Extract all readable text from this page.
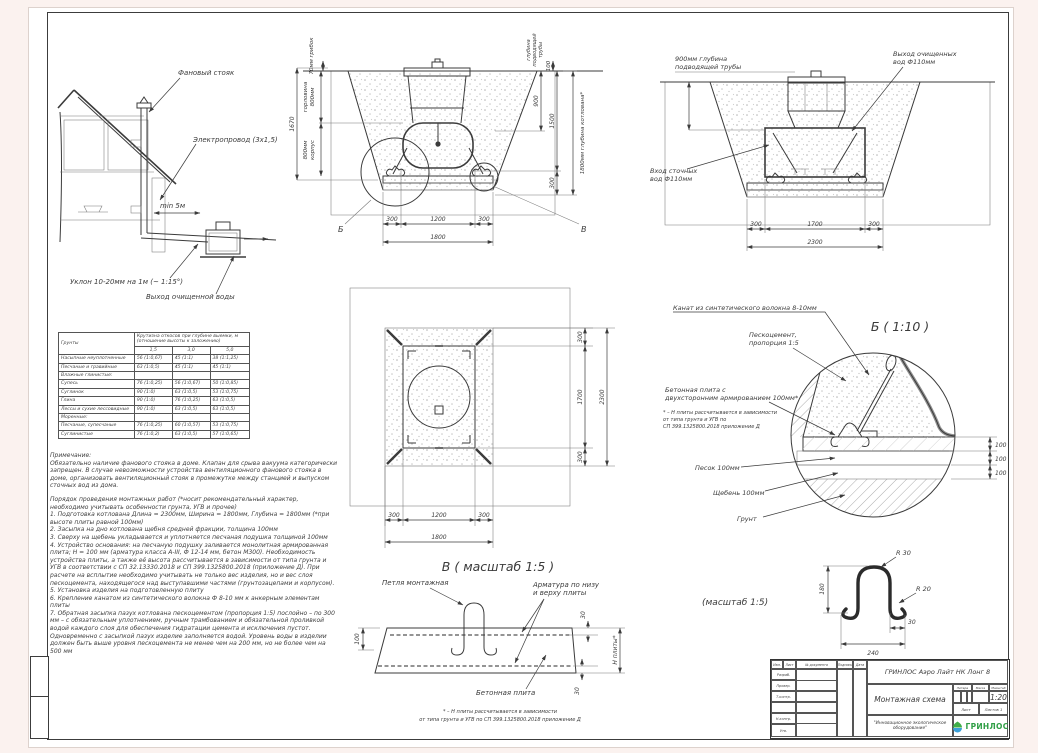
min 5м
Фановый стояк
Электропровод (3х1,5)
Уклон 10-20мм на 1м (~ 1:15°)
Выход очищенной воды
Б	В
70мм грибок
1670
горловина 800мм
800мм корпус
глубина подводящей трубы
100
900
1500
300
1800мм глубина котлована*
300	1200	300
1800
900мм глубина
подводящей трубы
Выход очищенных
вод Ф110мм
Вход сточных
вод Ф110мм
300	1700	300
2300
300
1700
300
2300
300	1200	300
1800
Грунты	Крутизна откосов при глубине выемки, м (отношение высоты к заложению)		
	1,5	3,0	5,0
Насыпные неуплотненные	56 (1:0,67)	45 (1:1)	38 (1:1,25)
Песчаные и гравийные	63 (1:0,5)	45 (1:1)	45 (1:1)
Влажные глинистые:			
Супесь	76 (1:0,25)	56 (1:0,67)	50 (1:0,85)
Суглинок	90 (1:0)	63 (1:0,5)	53 (1:0,75)
Глина	90 (1:0)	76 (1:0,25)	63 (1:0,5)
Лессы и сухие лессовидные	90 (1:0)	63 (1:0,5)	63 (1:0,5)
Моренные:			
Песчаные, супесчаные	76 (1:0,25)	60 (1:0,57)	53 (1:0,75)
Суглинистые	76 (1:0,2)	63 (1:0,5)	57 (1:0,65)
Примечание:
Обязательно наличие фанового стояка в доме. Клапан для срыва вакуума категорически запрещен. В случае невозможности устройства вентиляционного фанового стояка в доме, организовать вентиляционный стояк в промежутке между станцией и выпуском сточных вод из дома.
Порядок проведения монтажных работ (*носит рекомендательный характер, необходимо учитывать особенности грунта, УГВ и прочее)
1. Подготовка котлована Длина = 2300мм, Ширина = 1800мм, Глубина = 1800мм (*при высоте плиты равной 100мм)
2. Засыпка на дно котлована щебня средней фракции, толщина 100мм
3. Сверху на щебень укладывается и уплотняется песчаная подушка толщиной 100мм
4. Устройство основания: на песчаную подушку заливается монолитная армированная плита; Н = 100 мм (арматура класса А-III, Ф 12-14 мм, бетон М300). Необходимость устройства плиты, а также её высота рассчитывается в зависимости от типа грунта и УГВ в соответствии с СП 32.13330.2018 и СП 399.1325800.2018 (приложение Д). При расчете на всплытие необходимо учитывать не только вес изделия, но и вес слоя пескоцемента, находящегося над выступавшими частями (грунтозацепами и корпусом).
5. Установка изделия на подготовленную плиту
6. Крепление канатом из синтетического волокна Ф 8-10 мм к анкерным элементам плиты
7. Обратная засыпка пазух котлована пескоцементом (пропорция 1:5) послойно – по 300 мм – с обязательным уплотнением, ручным трамбованием и обязательной проливкой водой каждого слоя для обеспечения гидратации цемента и исключения пустот. Одновременно с засыпкой пазух изделие заполняется водой. Уровень воды в изделии должен быть выше уровня пескоцемента не менее чем на 200 мм, но не более чем на 500 мм
Б ( 1:10 )
100
100
100
Канат из синтетического волокна 8-10мм
Пескоцемент,
пропорция 1:5
Бетонная плита с
двухсторонним армированием 100мм*
* – Н плиты рассчитывается в зависимости
от типа грунта и УГВ по
СП 399.1325800.2018 приложение Д
Песок 100мм
Щебень 100мм
Грунт
В ( масштаб 1:5 )
100
30
30
Н плиты*
Петля монтажная	Арматура по низу
и верху плиты
Бетонная плита
* – Н плиты рассчитывается в зависимости
от типа грунта и УГВ по СП 399.1325800.2018 приложение Д
(масштаб 1:5)
180
240
30
R 30
R 20
Изм.	Лист	№ документа	Подпись	Дата
Разраб.
Провер.
Т.контр.
Н.контр.
Утв.
ГРИНЛОС Аэро Лайт НК Лонг 8
Монтажная схема
Литера	Масса	Масштаб
1:20
Лист	Листов 1
"Инновационное экологическое оборудование"	ГРИНЛОС
